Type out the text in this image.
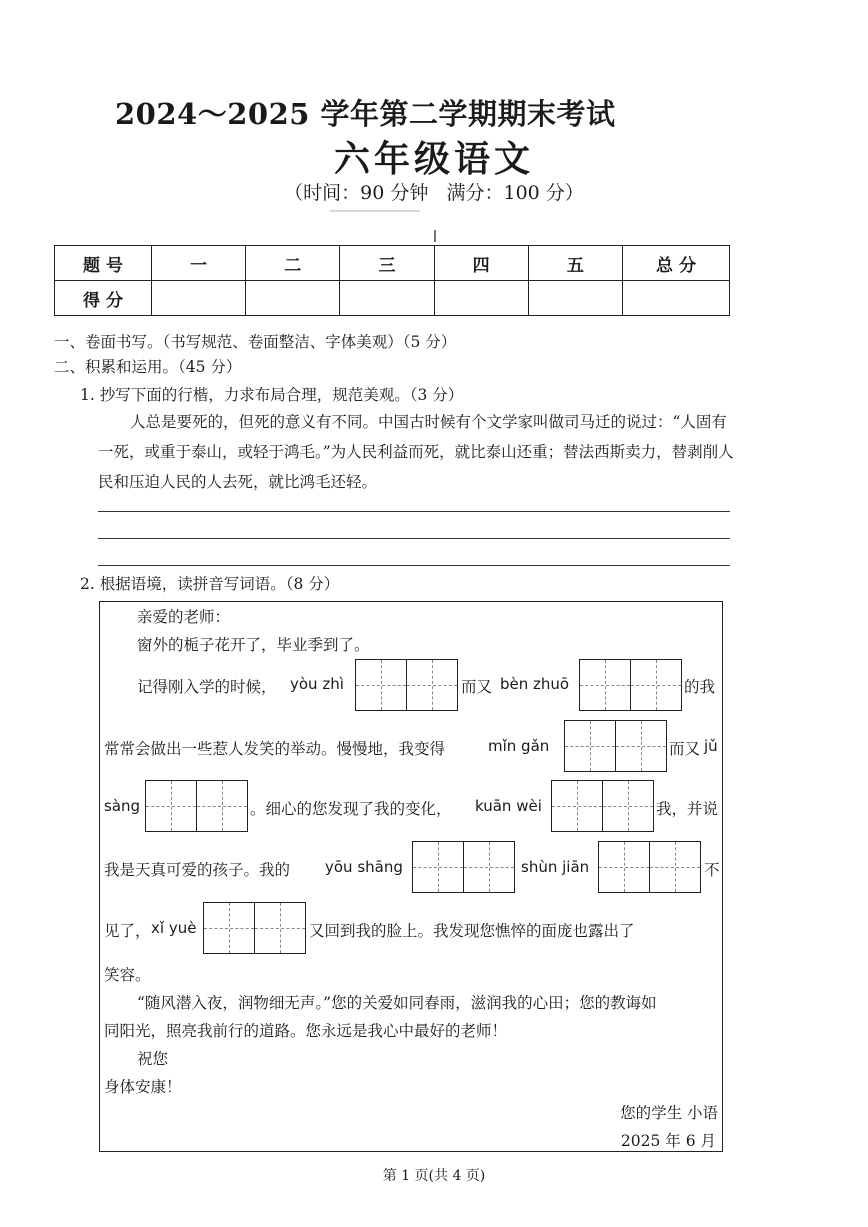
2024～2025 学年第二学期期末考试
六年级语文
（时间：90 分钟   满分：100 分）
题 号	一	二	三	四	五	总 分
得 分						
一、卷面书写。（书写规范、卷面整洁、字体美观）（5 分）
二、积累和运用。（45 分）
1. 抄写下面的行楷，力求布局合理，规范美观。（3 分）
人总是要死的，但死的意义有不同。中国古时候有个文学家叫做司马迁的说过：“人固有一死，或重于泰山，或轻于鸿毛。”为人民利益而死，就比泰山还重；替法西斯卖力，替剥削人民和压迫人民的人去死，就比鸿毛还轻。
2. 根据语境，读拼音写词语。（8 分）
亲爱的老师：
窗外的栀子花开了，毕业季到了。
记得刚入学的时候， yòu zhì	而又 bèn zhuō	的我
常常会做出一些惹人发笑的举动。慢慢地，我变得	mǐn gǎn	而又 jǔ
sàng	。细心的您发现了我的变化， kuān wèi	我，并说
我是天真可爱的孩子。我的 yōu shāng	shùn jiān	不
见了， xǐ yuè	又回到我的脸上。我发现您憔悴的面庞也露出了
笑容。
“随风潜入夜，润物细无声。”您的关爱如同春雨，滋润我的心田；您的教诲如
同阳光，照亮我前行的道路。您永远是我心中最好的老师！
祝您
身体安康！
您的学生 小语
2025 年 6 月
第 1 页(共 4 页)
